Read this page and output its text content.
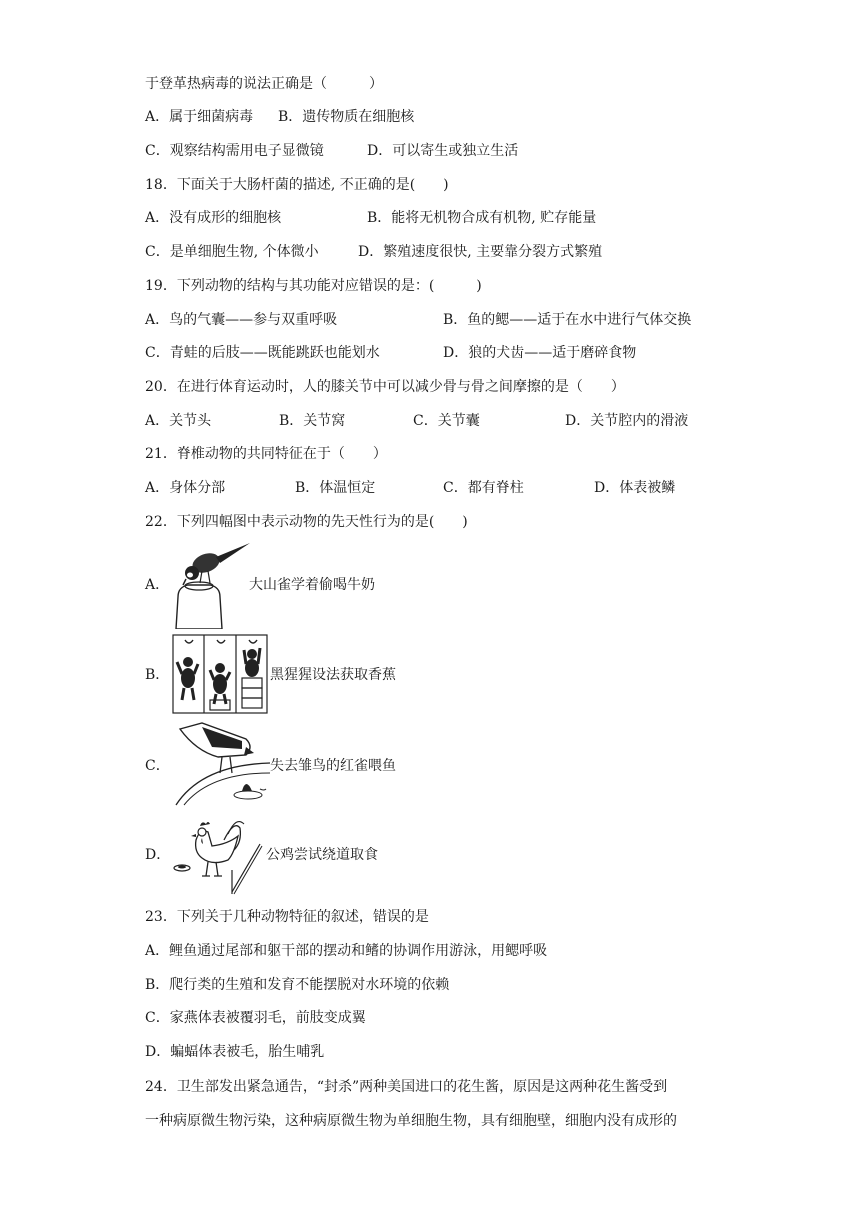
于登革热病毒的说法正确是（　　　）
A．属于细菌病毒 B．遗传物质在细胞核
C．观察结构需用电子显微镜	D．可以寄生或独立生活
18．下面关于大肠杆菌的描述, 不正确的是(　　)
A．没有成形的细胞核	B．能将无机物合成有机物, 贮存能量
C．是单细胞生物, 个体微小	D．繁殖速度很快, 主要靠分裂方式繁殖
19．下列动物的结构与其功能对应错误的是：(　　　)
A．鸟的气囊——参与双重呼吸	B．鱼的鳃——适于在水中进行气体交换
C．青蛙的后肢——既能跳跃也能划水	D．狼的犬齿——适于磨碎食物
20．在进行体育运动时，人的膝关节中可以减少骨与骨之间摩擦的是（　　）
A．关节头	B．关节窝	C．关节囊	D．关节腔内的滑液
21．脊椎动物的共同特征在于（　　）
A．身体分部	B．体温恒定	C．都有脊柱	D．体表被鳞
22．下列四幅图中表示动物的先天性行为的是(　　)
A．	大山雀学着偷喝牛奶
B．	黑猩猩设法获取香蕉
C．	失去雏鸟的红雀喂鱼
D．	公鸡尝试绕道取食
23．下列关于几种动物特征的叙述，错误的是
A．鲤鱼通过尾部和躯干部的摆动和鳍的协调作用游泳，用鳃呼吸
B．爬行类的生殖和发育不能摆脱对水环境的依赖
C．家燕体表被覆羽毛，前肢变成翼
D．蝙蝠体表被毛，胎生哺乳
24．卫生部发出紧急通告，“封杀”两种美国进口的花生酱，原因是这两种花生酱受到
一种病原微生物污染，这种病原微生物为单细胞生物，具有细胞壁，细胞内没有成形的
